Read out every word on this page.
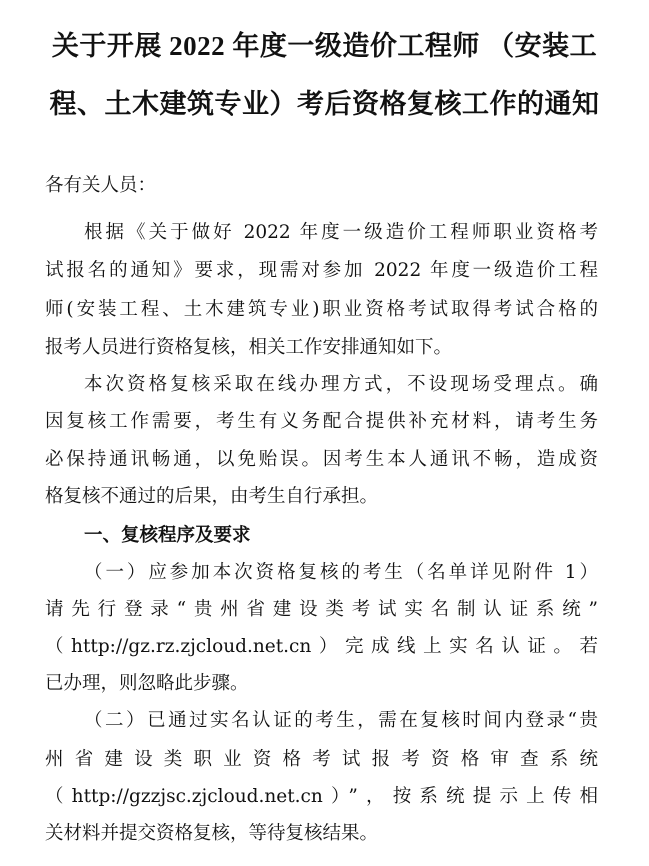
关于开展 2022 年度一级造价工程师 （安装工
程、土木建筑专业）考后资格复核工作的通知
各有关人员：
根据《关于做好 2022 年度一级造价工程师职业资格考
试报名的通知》要求，现需对参加 2022 年度一级造价工程
师(安装工程、土木建筑专业)职业资格考试取得考试合格的
报考人员进行资格复核，相关工作安排通知如下。
本次资格复核采取在线办理方式，不设现场受理点。确
因复核工作需要，考生有义务配合提供补充材料，请考生务
必保持通讯畅通，以免贻误。因考生本人通讯不畅，造成资
格复核不通过的后果，由考生自行承担。
一、复核程序及要求
（一）应参加本次资格复核的考生（名单详见附件 1）
请先行登录“贵州省建设类考试实名制认证系统”
（http://gz.rz.zjcloud.net.cn）完成线上实名认证。若
已办理，则忽略此步骤。
（二）已通过实名认证的考生，需在复核时间内登录“贵
州省建设类职业资格考试报考资格审查系统
（http://gzzjsc.zjcloud.net.cn）”，按系统提示上传相
关材料并提交资格复核，等待复核结果。
